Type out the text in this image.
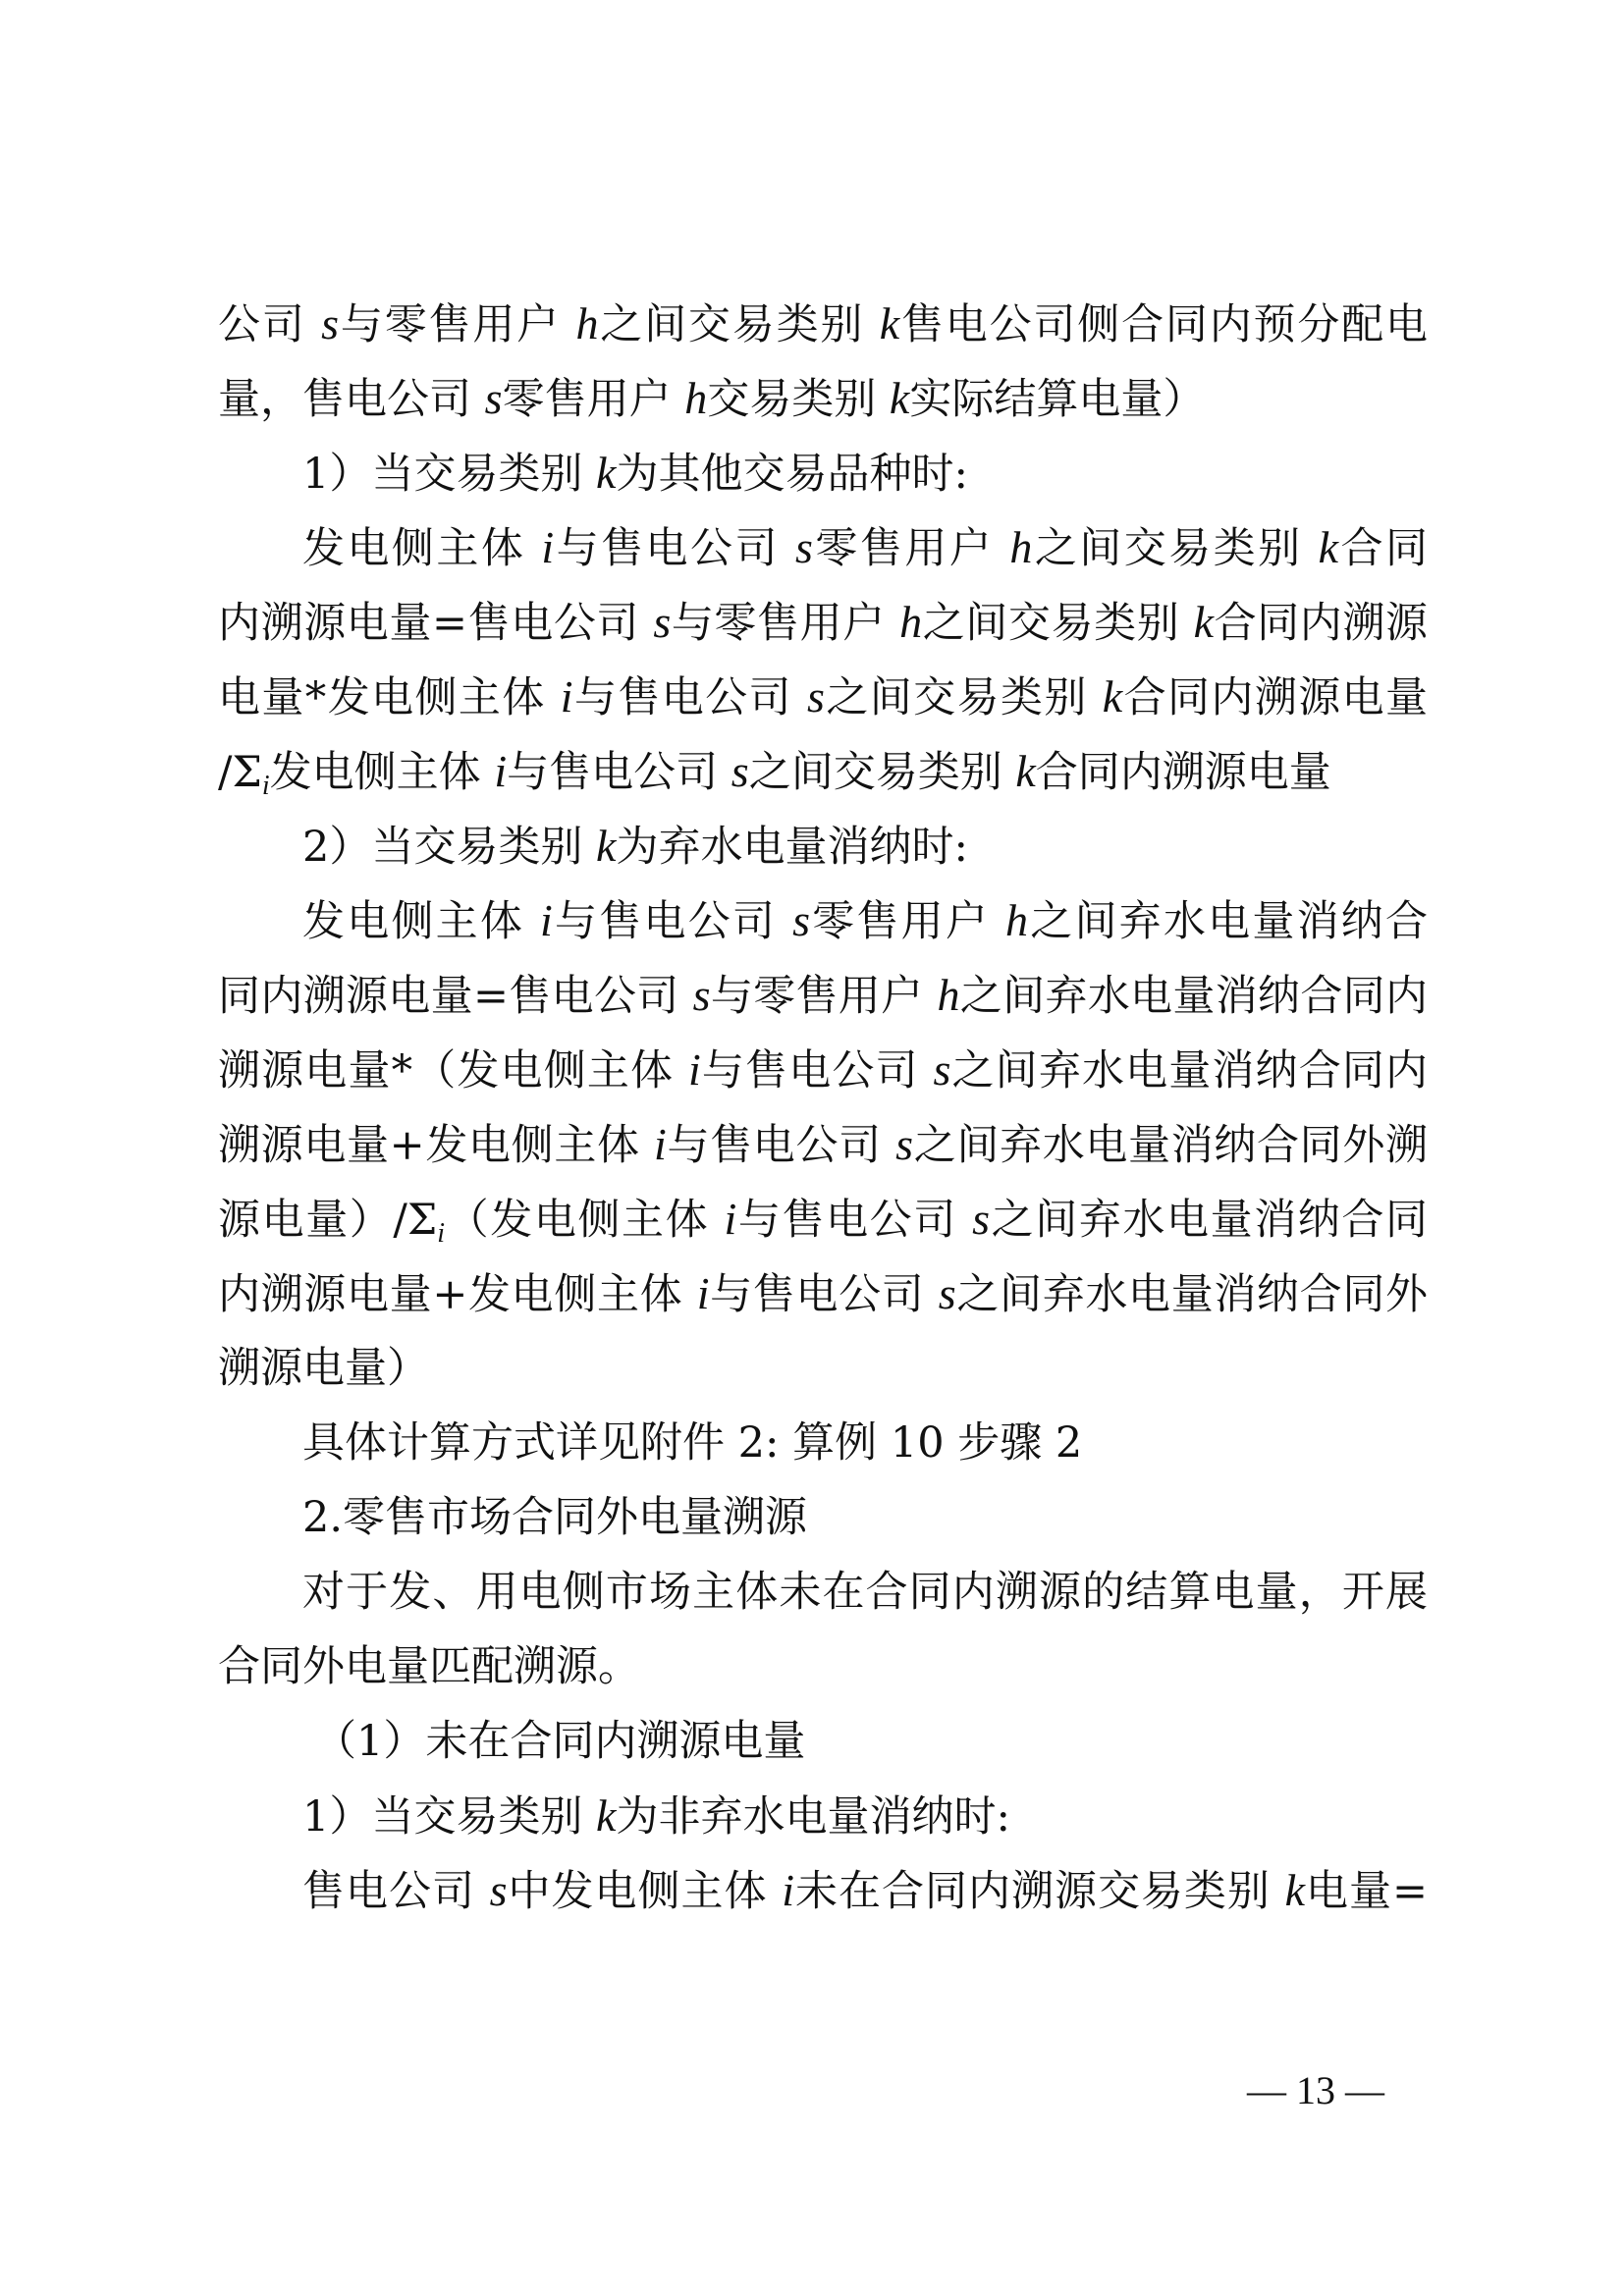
公司 s与零售用户 h之间交易类别 k售电公司侧合同内预分配电
量，售电公司 s零售用户 h交易类别 k实际结算电量）
1）当交易类别 k为其他交易品种时:
发电侧主体 i与售电公司 s零售用户 h之间交易类别 k合同
内溯源电量=售电公司 s与零售用户 h之间交易类别 k合同内溯源
电量*发电侧主体 i与售电公司 s之间交易类别 k合同内溯源电量
$/\Sigma_i$发电侧主体 i与售电公司 s之间交易类别 k合同内溯源电量
2）当交易类别 k为弃水电量消纳时:
发电侧主体 i与售电公司 s零售用户 h之间弃水电量消纳合
同内溯源电量=售电公司 s与零售用户 h之间弃水电量消纳合同内
溯源电量*（发电侧主体 i与售电公司 s之间弃水电量消纳合同内
溯源电量+发电侧主体 i与售电公司 s之间弃水电量消纳合同外溯
源电量）$/\Sigma_i$（发电侧主体 i与售电公司 s之间弃水电量消纳合同
内溯源电量+发电侧主体 i与售电公司 s之间弃水电量消纳合同外
溯源电量）
具体计算方式详见附件 2: 算例 10 步骤 2
2.零售市场合同外电量溯源
对于发、用电侧市场主体未在合同内溯源的结算电量，开展
合同外电量匹配溯源。
（1）未在合同内溯源电量
1）当交易类别 k为非弃水电量消纳时:
售电公司 s中发电侧主体 i未在合同内溯源交易类别 k电量=
— 13 —
